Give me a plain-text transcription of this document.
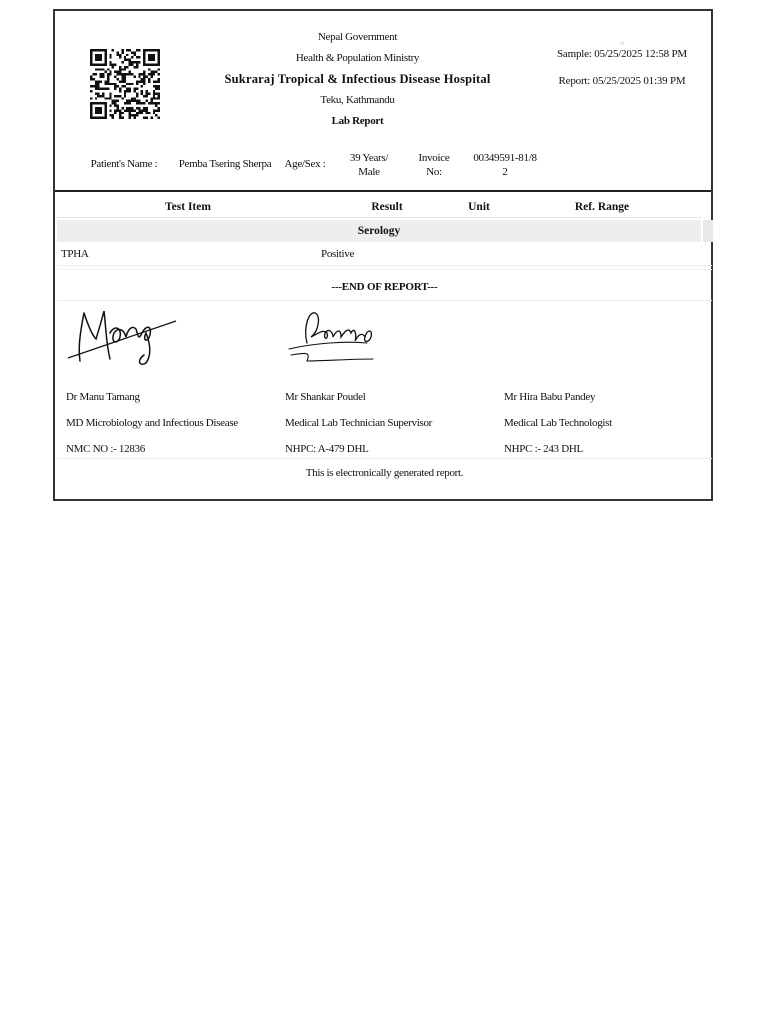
Nepal Government
Health & Population Ministry
Sukraraj Tropical & Infectious Disease Hospital
Teku, Kathmandu
Lab Report
○
Sample: 05/25/2025 12:58 PM
Report: 05/25/2025 01:39 PM
Patient's Name :	Pemba Tsering Sherpa	Age/Sex :	39 Years/ Male
Invoice No:
00349591-81/82
Test Item	Result	Unit	Ref. Range
Serology
TPHA	Positive
---END OF REPORT---
Dr Manu Tamang
MD Microbiology and Infectious Disease
NMC NO :- 12836
Mr Shankar Poudel
Medical Lab Technician Supervisor
NHPC: A-479 DHL
Mr Hira Babu Pandey
Medical Lab Technologist
NHPC :- 243 DHL
This is electronically generated report.
